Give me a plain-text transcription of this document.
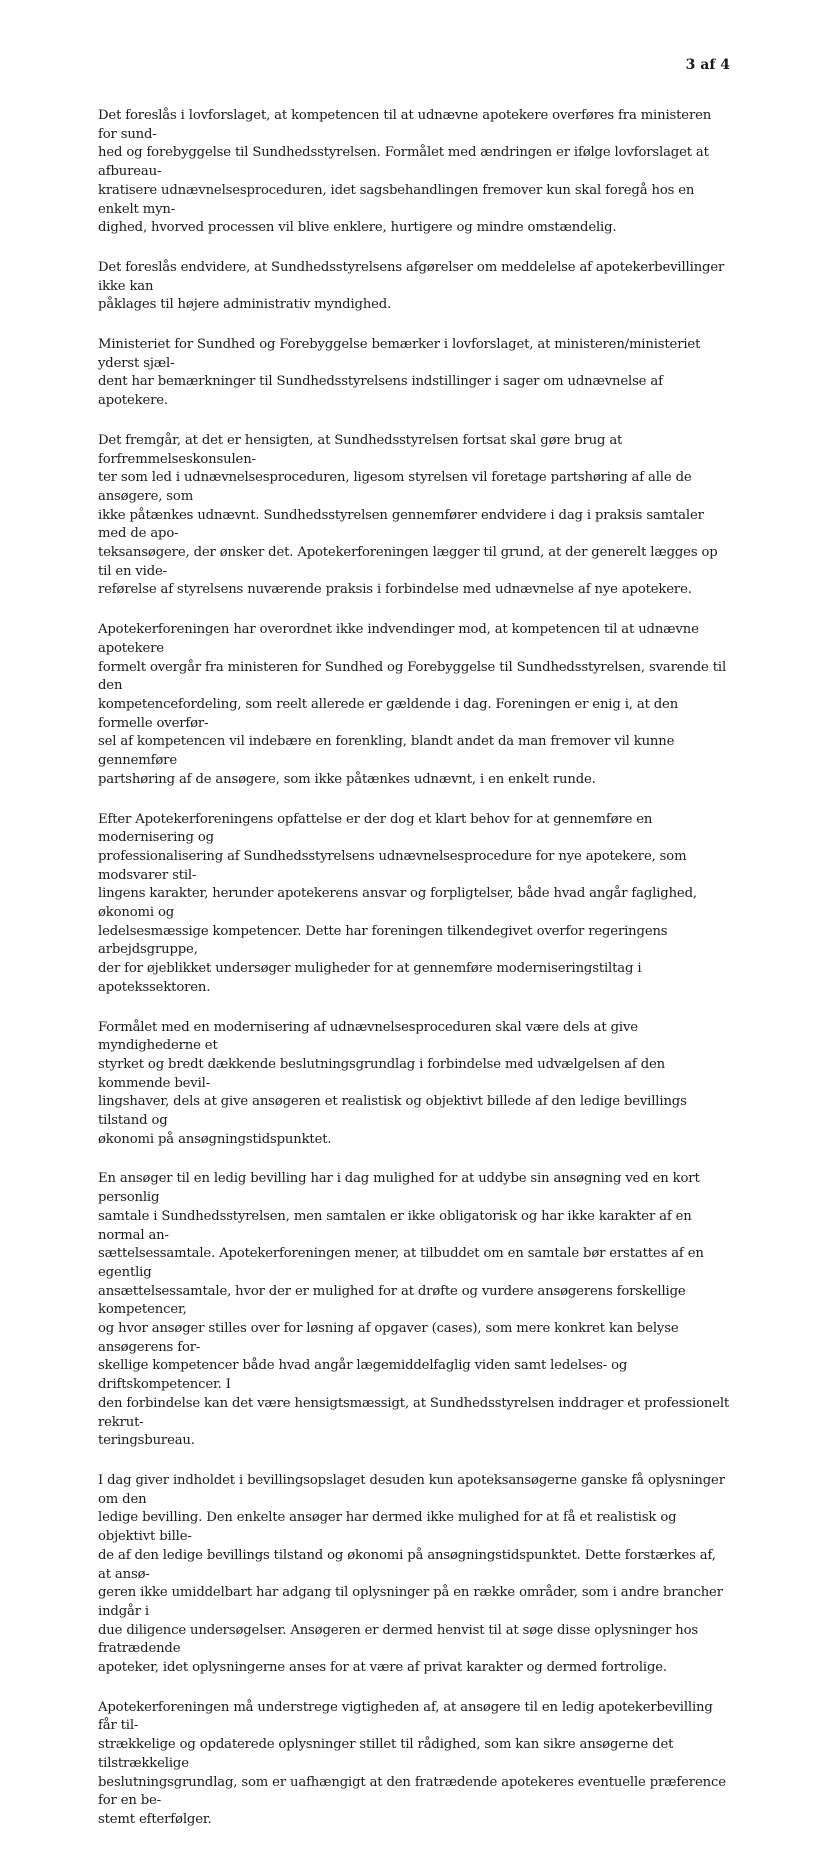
3 af 4

Det foreslås i lovforslaget, at kompetencen til at udnævne apotekere overføres fra ministeren for sund-
hed og forebyggelse til Sundhedsstyrelsen. Formålet med ændringen er ifølge lovforslaget at afbureau-
kratisere udnævnelsesproceduren, idet sagsbehandlingen fremover kun skal foregå hos en enkelt myn-
dighed, hvorved processen vil blive enklere, hurtigere og mindre omstændelig.

Det foreslås endvidere, at Sundhedsstyrelsens afgørelser om meddelelse af apotekerbevillinger ikke kan
påklages til højere administrativ myndighed.

Ministeriet for Sundhed og Forebyggelse bemærker i lovforslaget, at ministeren/ministeriet yderst sjæl-
dent har bemærkninger til Sundhedsstyrelsens indstillinger i sager om udnævnelse af apotekere.

Det fremgår, at det er hensigten, at Sundhedsstyrelsen fortsat skal gøre brug at forfremmelseskonsulen-
ter som led i udnævnelsesproceduren, ligesom styrelsen vil foretage partshøring af alle de ansøgere, som
ikke påtænkes udnævnt. Sundhedsstyrelsen gennemfører endvidere i dag i praksis samtaler med de apo-
teksansøgere, der ønsker det. Apotekerforeningen lægger til grund, at der generelt lægges op til en vide-
reførelse af styrelsens nuværende praksis i forbindelse med udnævnelse af nye apotekere.

Apotekerforeningen har overordnet ikke indvendinger mod, at kompetencen til at udnævne apotekere
formelt overgår fra ministeren for Sundhed og Forebyggelse til Sundhedsstyrelsen, svarende til den
kompetencefordeling, som reelt allerede er gældende i dag. Foreningen er enig i, at den formelle overfør-
sel af kompetencen vil indebære en forenkling, blandt andet da man fremover vil kunne gennemføre
partshøring af de ansøgere, som ikke påtænkes udnævnt, i en enkelt runde.

Efter Apotekerforeningens opfattelse er der dog et klart behov for at gennemføre en modernisering og
professionalisering af Sundhedsstyrelsens udnævnelsesprocedure for nye apotekere, som modsvarer stil-
lingens karakter, herunder apotekerens ansvar og forpligtelser, både hvad angår faglighed, økonomi og
ledelsesmæssige kompetencer. Dette har foreningen tilkendegivet overfor regeringens arbejdsgruppe,
der for øjeblikket undersøger muligheder for at gennemføre moderniseringstiltag i apotekssektoren.

Formålet med en modernisering af udnævnelsesproceduren skal være dels at give myndighederne et
styrket og bredt dækkende beslutningsgrundlag i forbindelse med udvælgelsen af den kommende bevil-
lingshaver, dels at give ansøgeren et realistisk og objektivt billede af den ledige bevillings tilstand og
økonomi på ansøgningstidspunktet.

En ansøger til en ledig bevilling har i dag mulighed for at uddybe sin ansøgning ved en kort personlig
samtale i Sundhedsstyrelsen, men samtalen er ikke obligatorisk og har ikke karakter af en normal an-
sættelsessamtale. Apotekerforeningen mener, at tilbuddet om en samtale bør erstattes af en egentlig
ansættelsessamtale, hvor der er mulighed for at drøfte og vurdere ansøgerens forskellige kompetencer,
og hvor ansøger stilles over for løsning af opgaver (cases), som mere konkret kan belyse ansøgerens for-
skellige kompetencer både hvad angår lægemiddelfaglig viden samt ledelses- og driftskompetencer. I
den forbindelse kan det være hensigtsmæssigt, at Sundhedsstyrelsen inddrager et professionelt rekrut-
teringsbureau.

I dag giver indholdet i bevillingsopslaget desuden kun apoteksansøgerne ganske få oplysninger om den
ledige bevilling. Den enkelte ansøger har dermed ikke mulighed for at få et realistisk og objektivt bille-
de af den ledige bevillings tilstand og økonomi på ansøgningstidspunktet. Dette forstærkes af, at ansø-
geren ikke umiddelbart har adgang til oplysninger på en række områder, som i andre brancher indgår i
due diligence undersøgelser. Ansøgeren er dermed henvist til at søge disse oplysninger hos fratrædende
apoteker, idet oplysningerne anses for at være af privat karakter og dermed fortrolige.

Apotekerforeningen må understrege vigtigheden af, at ansøgere til en ledig apotekerbevilling får til-
strækkelige og opdaterede oplysninger stillet til rådighed, som kan sikre ansøgerne det tilstrækkelige
beslutningsgrundlag, som er uafhængigt at den fratrædende apotekeres eventuelle præference for en be-
stemt efterfølger.
